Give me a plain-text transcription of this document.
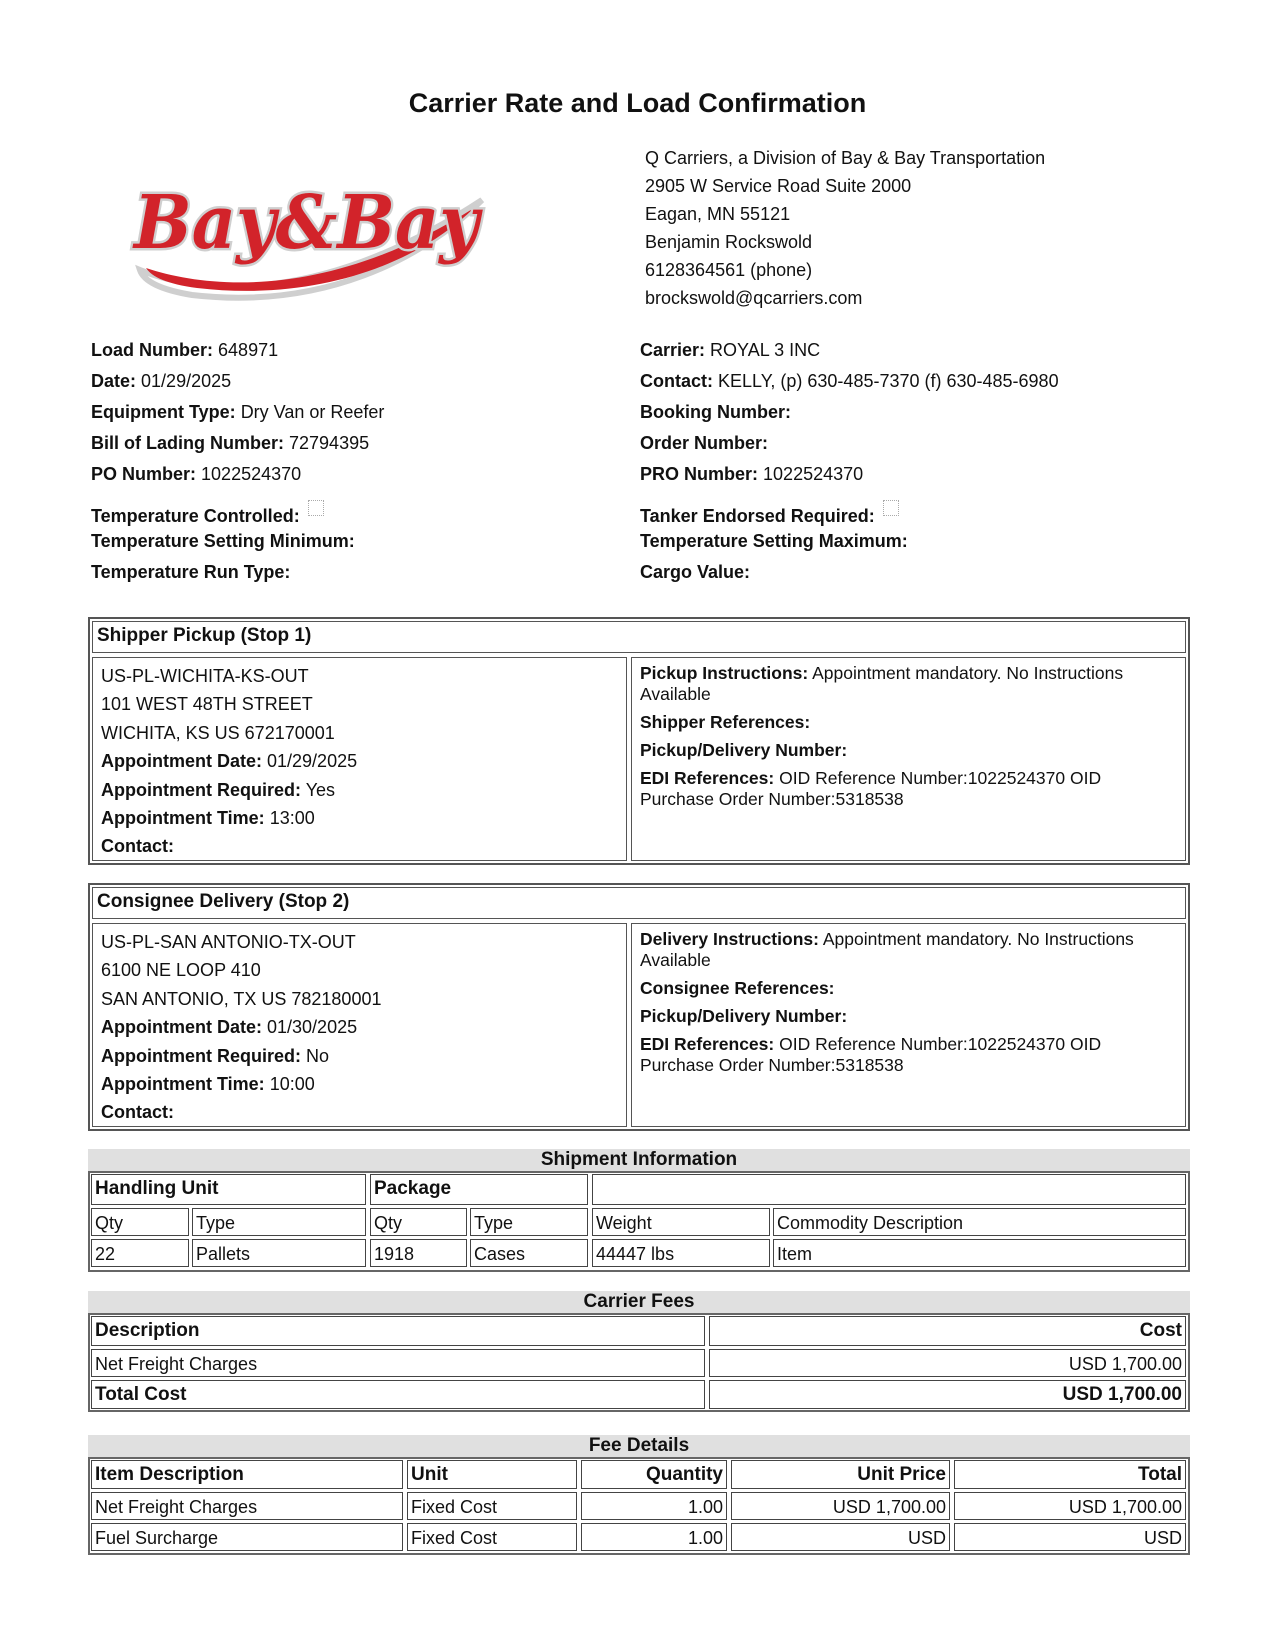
Carrier Rate and Load Confirmation
Bay&Bay
Q Carriers, a Division of Bay & Bay Transportation
2905 W Service Road Suite 2000
Eagan, MN 55121
Benjamin Rockswold
6128364561 (phone)
brockswold@qcarriers.com
Load Number: 648971
Date: 01/29/2025
Equipment Type: Dry Van or Reefer
Bill of Lading Number: 72794395
PO Number: 1022524370
Temperature Controlled:
Temperature Setting Minimum:
Temperature Run Type:
Carrier: ROYAL 3 INC
Contact: KELLY, (p) 630-485-7370 (f) 630-485-6980
Booking Number:
Order Number:
PRO Number: 1022524370
Tanker Endorsed Required:
Temperature Setting Maximum:
Cargo Value:
Shipper Pickup (Stop 1)
US-PL-WICHITA-KS-OUT
101 WEST 48TH STREET
WICHITA, KS US 672170001
Appointment Date: 01/29/2025
Appointment Required: Yes
Appointment Time: 13:00
Contact:
Pickup Instructions: Appointment mandatory. No Instructions Available
Shipper References:
Pickup/Delivery Number:
EDI References: OID Reference Number:1022524370 OID Purchase Order Number:5318538
Consignee Delivery (Stop 2)
US-PL-SAN ANTONIO-TX-OUT
6100 NE LOOP 410
SAN ANTONIO, TX US 782180001
Appointment Date: 01/30/2025
Appointment Required: No
Appointment Time: 10:00
Contact:
Delivery Instructions: Appointment mandatory. No Instructions Available
Consignee References:
Pickup/Delivery Number:
EDI References: OID Reference Number:1022524370 OID Purchase Order Number:5318538
Shipment Information
Handling Unit	Package
Qty	Type	Qty	Type	Weight	Commodity Description
22	Pallets	1918	Cases	44447 lbs	Item
Carrier Fees
Description	Cost
Net Freight Charges	USD 1,700.00
Total Cost	USD 1,700.00
Fee Details
Item Description	Unit	Quantity	Unit Price	Total
Net Freight Charges	Fixed Cost	1.00	USD 1,700.00	USD 1,700.00
Fuel Surcharge	Fixed Cost	1.00	USD	USD
